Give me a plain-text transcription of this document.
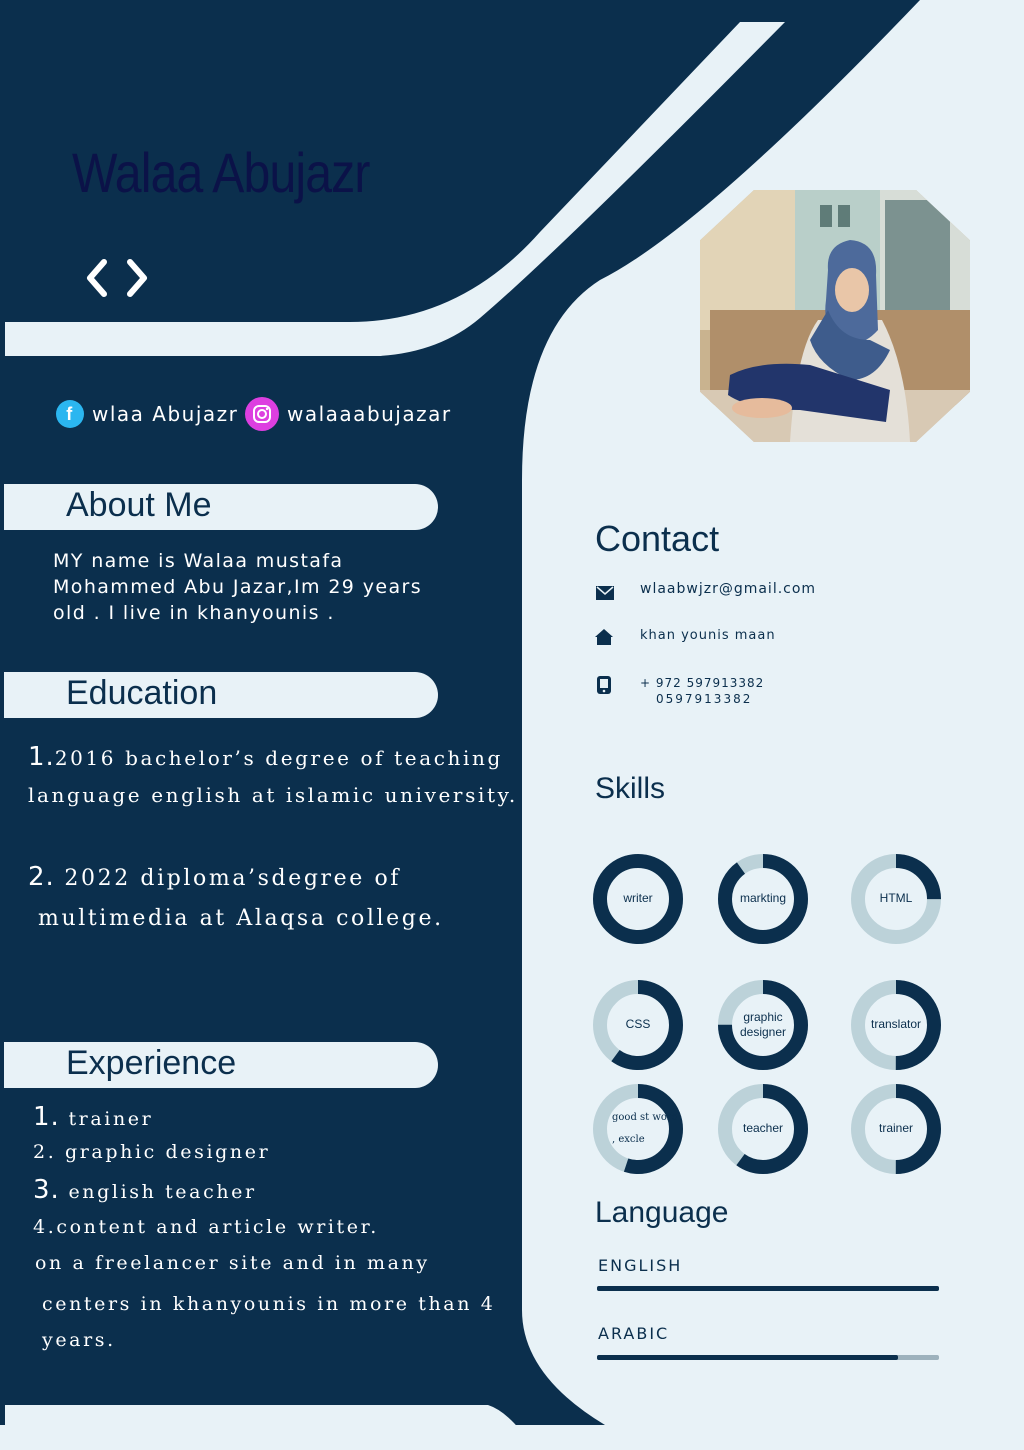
Walaa Abujazr
f wlaa Abujazr walaaabujazar
About Me
MY name is Walaa mustafa
Mohammed Abu Jazar,Im 29 years
old . I live in khanyounis .
Education
1.2016 bachelor’s degree of teaching
language english at islamic university.
2. 2022 diploma’sdegree of
multimedia at Alaqsa college.
Experience
1. trainer
2. graphic designer
3. english teacher
4.content and article writer.
on a freelancer site and in many
centers in khanyounis in more than 4
years.
Contact
wlaabwjzr@gmail.com
khan younis maan
+ 972 597913382
0597913382
Skills
writer	markting	HTML
CSS	graphic designer
translator
good st word , excle
teacher	trainer
Language
ENGLISH
ARABIC
